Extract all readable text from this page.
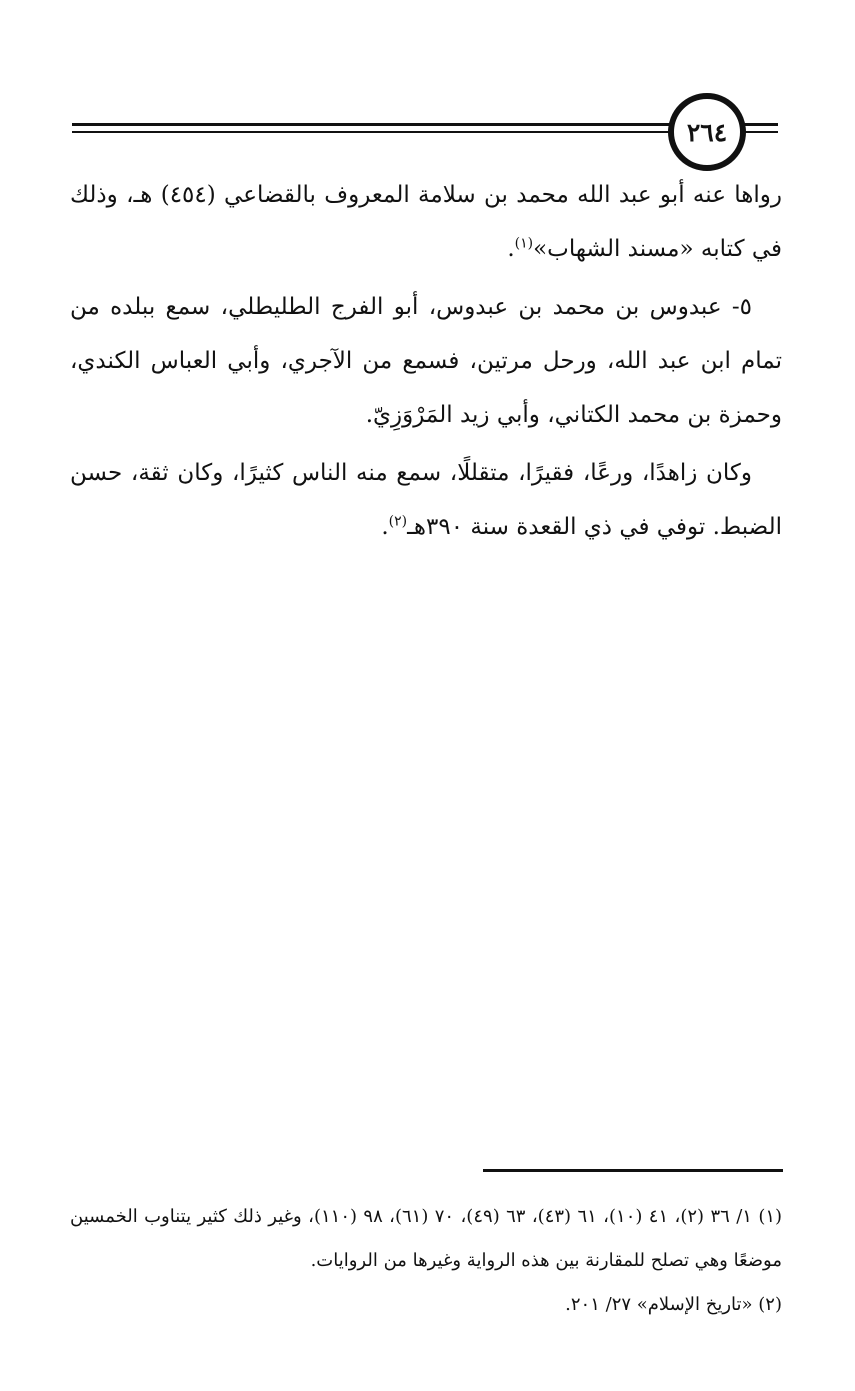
٢٦٤

رواها عنه أبو عبد الله محمد بن سلامة المعروف بالقضاعي (٤٥٤) هـ، وذلك في كتابه «مسند الشهاب»$^{(١)}$.

٥- عبدوس بن محمد بن عبدوس، أبو الفرج الطليطلي، سمع ببلده من تمام ابن عبد الله، ورحل مرتين، فسمع من الآجري، وأبي العباس الكندي، وحمزة بن محمد الكتاني، وأبي زيد المَرْوَزِيّ.

وكان زاهدًا، ورعًا، فقيرًا، متقللًا، سمع منه الناس كثيرًا، وكان ثقة، حسن الضبط. توفي في ذي القعدة سنة ٣٩٠هـ$^{(٢)}$.

(١) ١/ ٣٦ (٢)، ٤١ (١٠)، ٦١ (٤٣)، ٦٣ (٤٩)، ٧٠ (٦١)، ٩٨ (١١٠)، وغير ذلك كثير يتناوب الخمسين موضعًا وهي تصلح للمقارنة بين هذه الرواية وغيرها من الروايات.

(٢) «تاريخ الإسلام» ٢٧/ ٢٠١.
